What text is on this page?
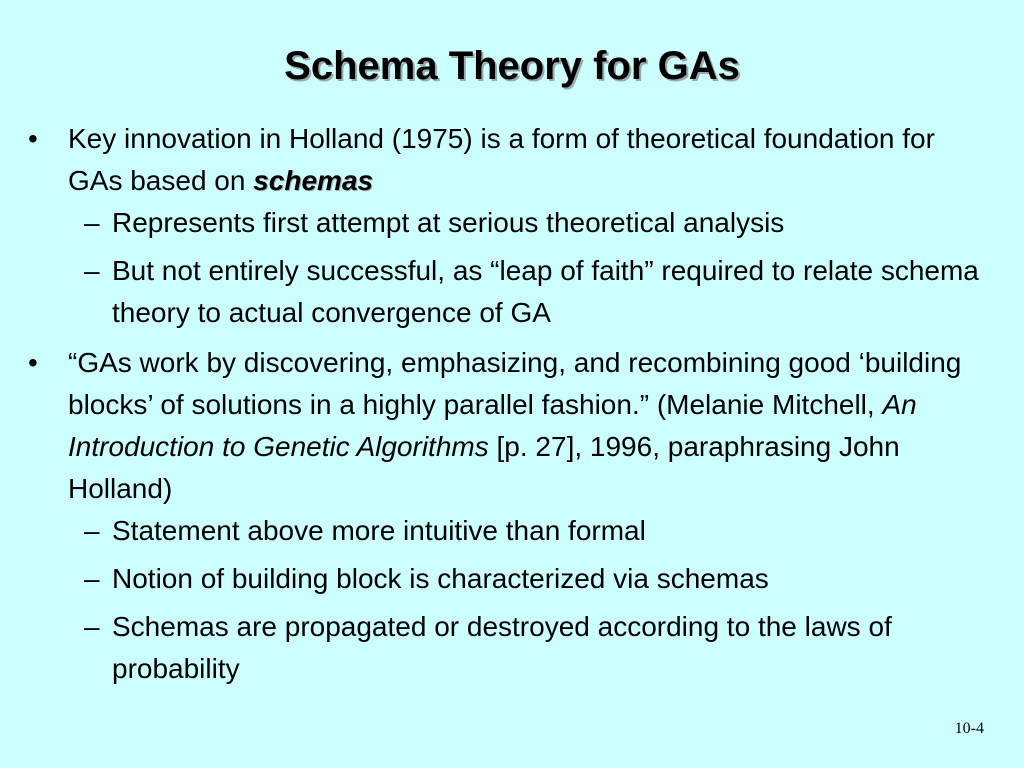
Schema Theory for GAs
• Key innovation in Holland (1975) is a form of theoretical foundation for GAs based on schemas
– Represents first attempt at serious theoretical analysis
– But not entirely successful, as “leap of faith” required to relate schema theory to actual convergence of GA
• “GAs work by discovering, emphasizing, and recombining good ‘building blocks’ of solutions in a highly parallel fashion.” (Melanie Mitchell, An Introduction to Genetic Algorithms [p. 27], 1996, paraphrasing John Holland)
– Statement above more intuitive than formal
– Notion of building block is characterized via schemas
– Schemas are propagated or destroyed according to the laws of probability
10-4
